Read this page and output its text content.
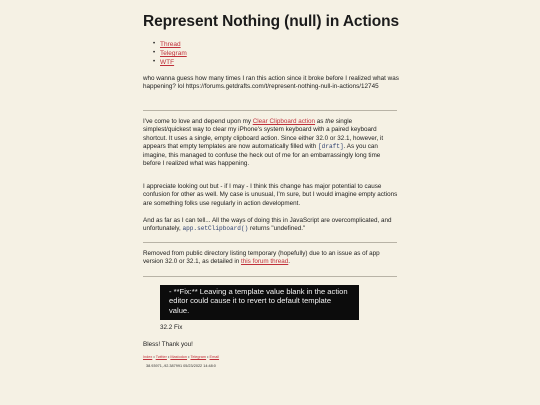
Represent Nothing (null) in Actions
• Thread
• Telegram
• WTF

who wanna guess how many times I ran this action since it broke before I realized what was happening? lol https://forums.getdrafts.com/t/represent-nothing-null-in-actions/12745

I've come to love and depend upon my Clear Clipboard action as the single simplest/quickest way to clear my iPhone's system keyboard with a paired keyboard shortcut. It uses a single, empty clipboard action. Since either 32.0 or 32.1, however, it appears that empty templates are now automatically filled with [draft]. As you can imagine, this managed to confuse the heck out of me for an embarrassingly long time before I realized what was happening.

I appreciate looking out but - if I may - I think this change has major potential to cause confusion for other as well. My case is unusual, I'm sure, but I would imagine empty actions are something folks use regularly in action development.

And as far as I can tell... All the ways of doing this in JavaScript are overcomplicated, and unfortunately, app.setClipboard() returns "undefined."

Removed from public directory listing temporary (hopefully) due to an issue as of app version 32.0 or 32.1, as detailed in this forum thread.

- **Fix:** Leaving a template value blank in the action editor could cause it to revert to default template value.

32.2 Fix

Bless! Thank you!

Index • Twitter • Mastodon • Telegram • Email
38.93971,-92.387991 05/23/2022 14:48:0
